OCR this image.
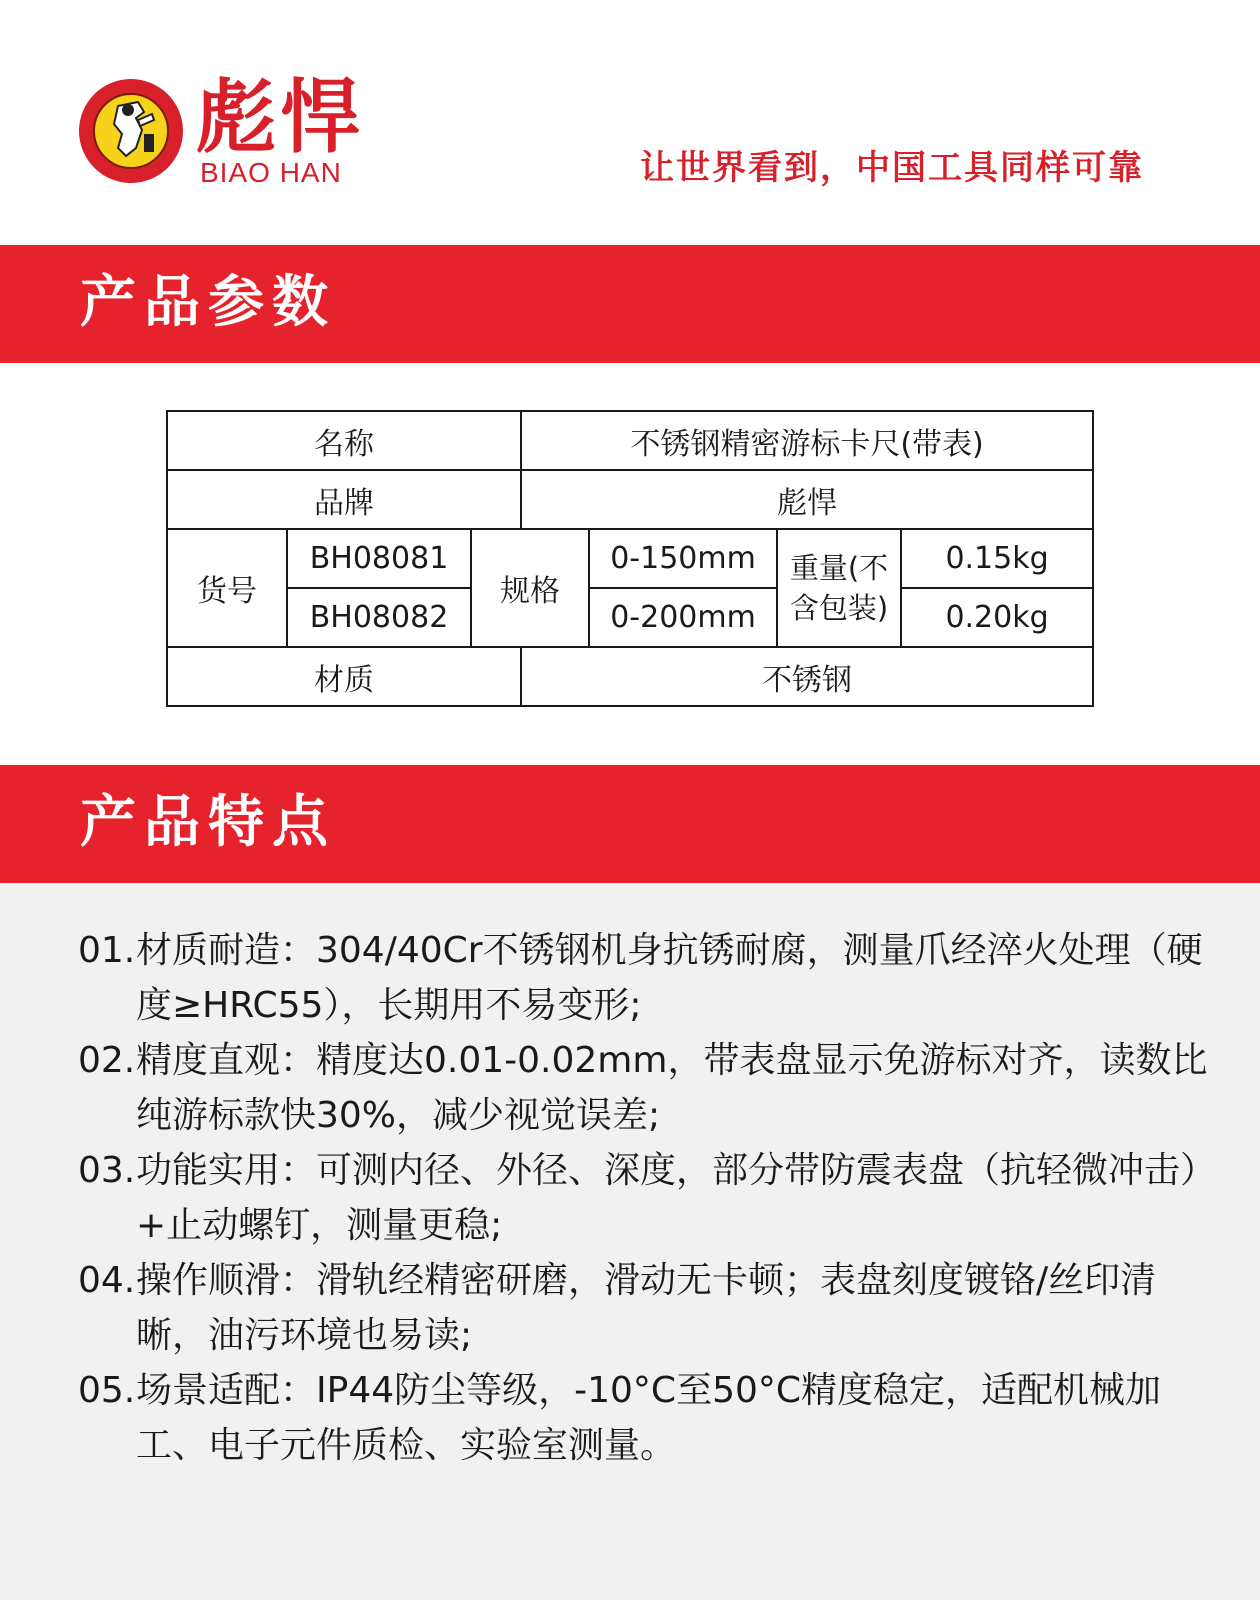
彪悍
BIAO HAN	让世界看到，中国工具同样可靠
产品参数
名称			不锈钢精密游标卡尺(带表)			
品牌			彪悍			
货号	BH08081	规格		0-150mm	重量(不含包装)	0.15kg
	BH08082			0-200mm		0.20kg
材质			不锈钢			
产品特点
01. 材质耐造：304/40Cr不锈钢机身抗锈耐腐，测量爪经淬火处理（硬度≥HRC55），长期用不易变形;
02. 精度直观：精度达0.01-0.02mm，带表盘显示免游标对齐，读数比纯游标款快30%，减少视觉误差;
03. 功能实用：可测内径、外径、深度，部分带防震表盘（抗轻微冲击）+止动螺钉，测量更稳;
04. 操作顺滑：滑轨经精密研磨，滑动无卡顿；表盘刻度镀铬/丝印清晰，油污环境也易读;
05. 场景适配：IP44防尘等级，-10°C至50°C精度稳定，适配机械加工、电子元件质检、实验室测量。
